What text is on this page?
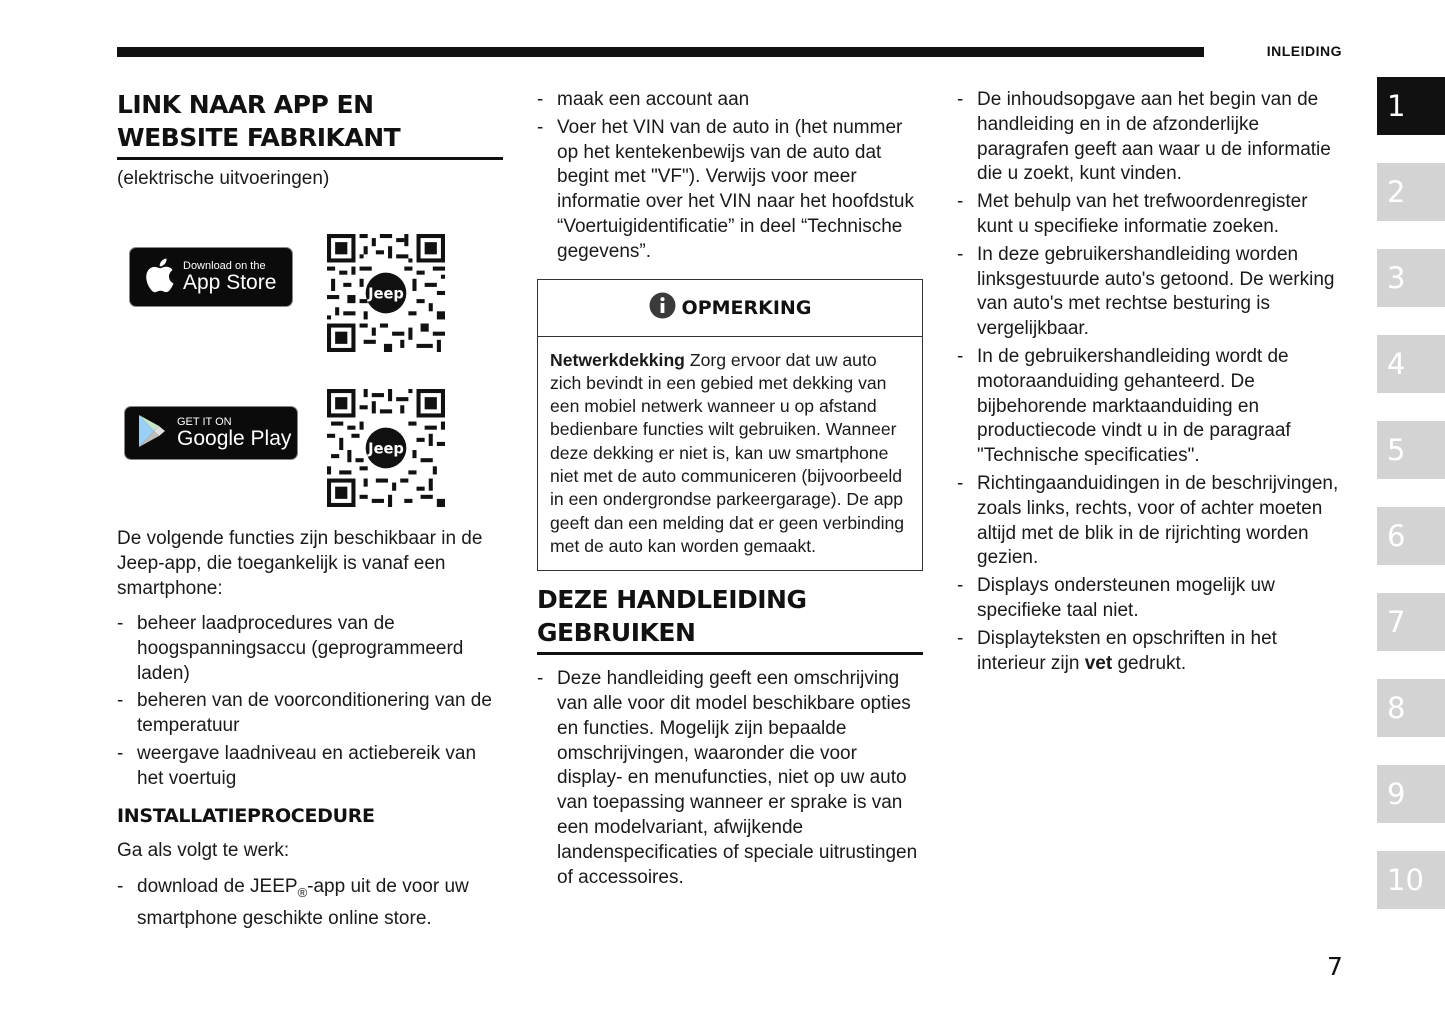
INLEIDING
LINK NAAR APP EN WEBSITE FABRIKANT

(elektrische uitvoeringen)

Download on the
App Store	Jeep
GET IT ON
Google Play	Jeep

De volgende functies zijn beschikbaar in de Jeep-app, die toegankelijk is vanaf een smartphone:

- beheer laadprocedures van de hoogspanningsaccu (geprogrammeerd laden)
- beheren van de voorconditionering van de temperatuur
- weergave laadniveau en actiebereik van het voertuig
INSTALLATIEPROCEDURE

Ga als volgt te werk:

- download de $JEEP_®$-app uit de voor uw smartphone geschikte online store.
- maak een account aan
- Voer het VIN van de auto in (het nummer op het kentekenbewijs van de auto dat begint met "VF"). Verwijs voor meer informatie over het VIN naar het hoofdstuk “Voertuigidentificatie” in deel “Technische gegevens”.
OPMERKING
Netwerkdekking Zorg ervoor dat uw auto zich bevindt in een gebied met dekking van een mobiel netwerk wanneer u op afstand bedienbare functies wilt gebruiken. Wanneer deze dekking er niet is, kan uw smartphone niet met de auto communiceren (bijvoorbeeld in een ondergrondse parkeergarage). De app geeft dan een melding dat er geen verbinding met de auto kan worden gemaakt.
DEZE HANDLEIDING GEBRUIKEN
- Deze handleiding geeft een omschrijving van alle voor dit model beschikbare opties en functies. Mogelijk zijn bepaalde omschrijvingen, waaronder die voor display- en menufuncties, niet op uw auto van toepassing wanneer er sprake is van een modelvariant, afwijkende landenspecificaties of speciale uitrustingen of accessoires.
- De inhoudsopgave aan het begin van de handleiding en in de afzonderlijke paragrafen geeft aan waar u de informatie die u zoekt, kunt vinden.
- Met behulp van het trefwoordenregister kunt u specifieke informatie zoeken.
- In deze gebruikershandleiding worden linksgestuurde auto's getoond. De werking van auto's met rechtse besturing is vergelijkbaar.
- In de gebruikershandleiding wordt de motoraanduiding gehanteerd. De bijbehorende marktaanduiding en productiecode vindt u in de paragraaf "Technische specificaties".
- Richtingaanduidingen in de beschrijvingen, zoals links, rechts, voor of achter moeten altijd met de blik in de rijrichting worden gezien.
- Displays ondersteunen mogelijk uw specifieke taal niet.
- Displayteksten en opschriften in het interieur zijn vet gedrukt.
1
2
3
4
5
6
7
8
9
10
7
